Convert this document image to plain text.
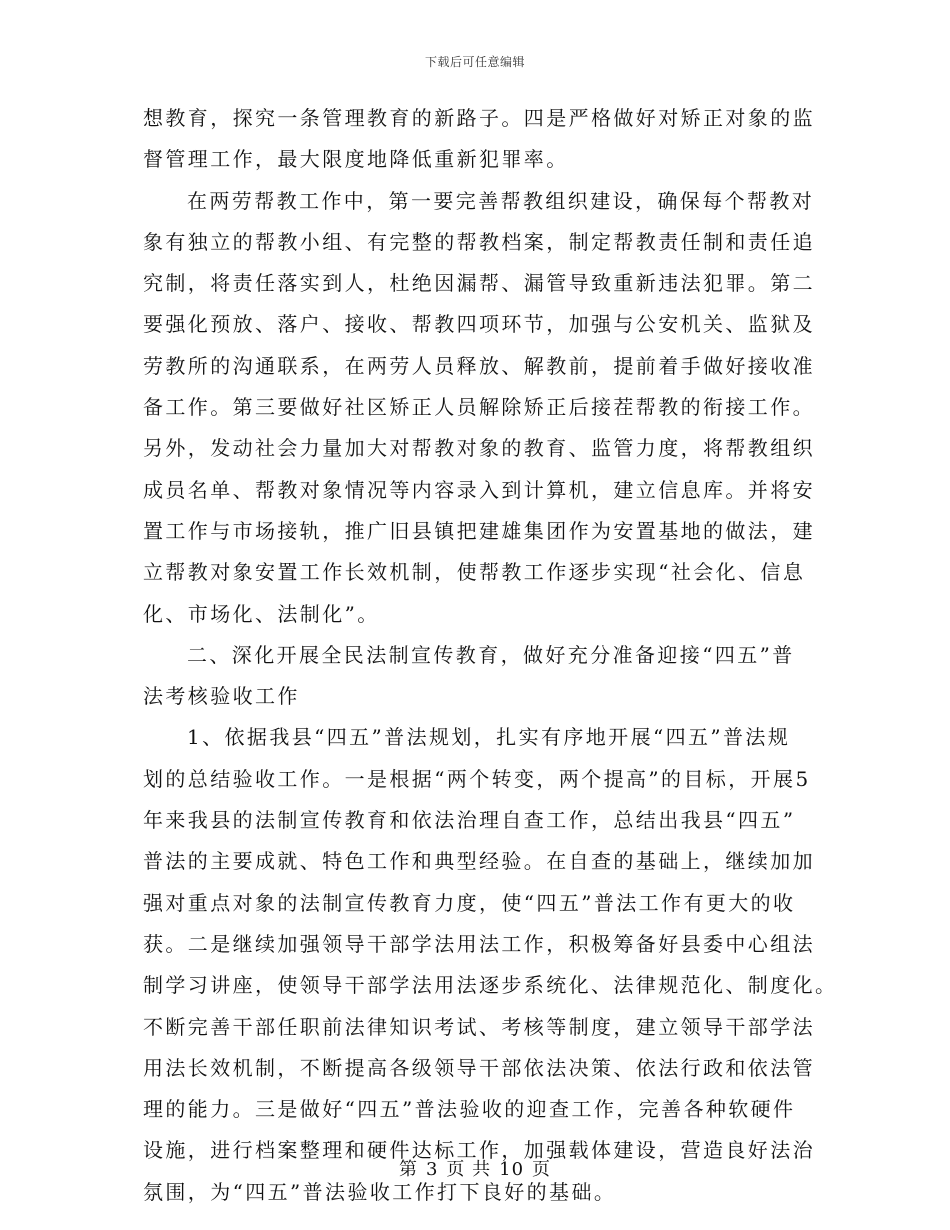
下载后可任意编辑
想教育，探究一条管理教育的新路子。四是严格做好对矫正对象的监
督管理工作，最大限度地降低重新犯罪率。
在两劳帮教工作中，第一要完善帮教组织建设，确保每个帮教对
象有独立的帮教小组、有完整的帮教档案，制定帮教责任制和责任追
究制，将责任落实到人，杜绝因漏帮、漏管导致重新违法犯罪。第二
要强化预放、落户、接收、帮教四项环节，加强与公安机关、监狱及
劳教所的沟通联系，在两劳人员释放、解教前，提前着手做好接收准
备工作。第三要做好社区矫正人员解除矫正后接茬帮教的衔接工作。
另外，发动社会力量加大对帮教对象的教育、监管力度，将帮教组织
成员名单、帮教对象情况等内容录入到计算机，建立信息库。并将安
置工作与市场接轨，推广旧县镇把建雄集团作为安置基地的做法，建
立帮教对象安置工作长效机制，使帮教工作逐步实现“社会化、信息
化、市场化、法制化”。
二、深化开展全民法制宣传教育，做好充分准备迎接“四五”普
法考核验收工作
1、依据我县“四五”普法规划，扎实有序地开展“四五”普法规
划的总结验收工作。一是根据“两个转变，两个提高”的目标，开展5
年来我县的法制宣传教育和依法治理自查工作，总结出我县“四五”
普法的主要成就、特色工作和典型经验。在自查的基础上，继续加加
强对重点对象的法制宣传教育力度，使“四五”普法工作有更大的收
获。二是继续加强领导干部学法用法工作，积极筹备好县委中心组法
制学习讲座，使领导干部学法用法逐步系统化、法律规范化、制度化。
不断完善干部任职前法律知识考试、考核等制度，建立领导干部学法
用法长效机制，不断提高各级领导干部依法决策、依法行政和依法管
理的能力。三是做好“四五”普法验收的迎查工作，完善各种软硬件
设施，进行档案整理和硬件达标工作，加强载体建设，营造良好法治
氛围，为“四五”普法验收工作打下良好的基础。
第 3 页 共 10 页
